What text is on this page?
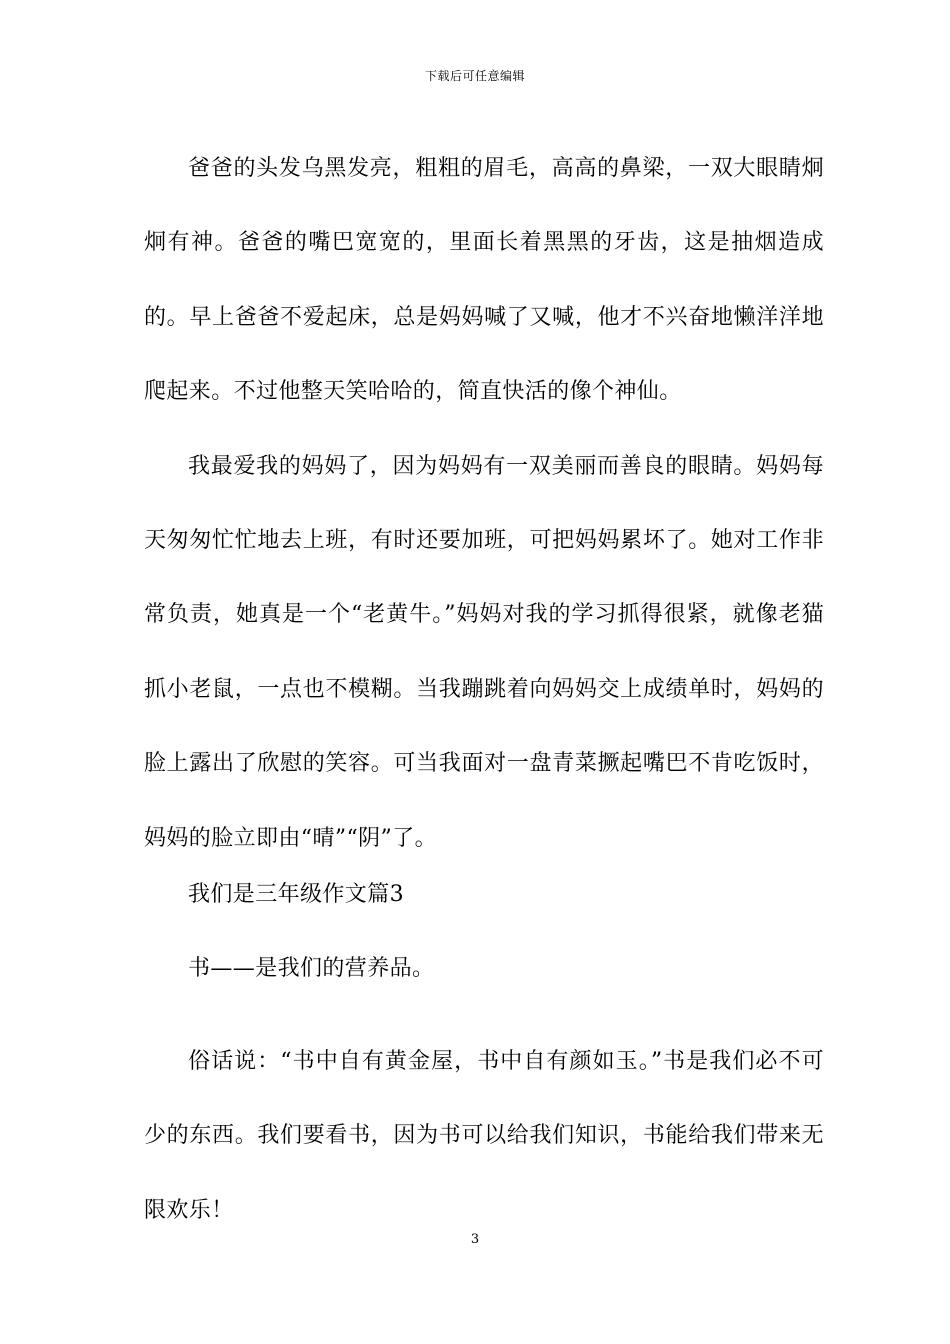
下载后可任意编辑

爸爸的头发乌黑发亮，粗粗的眉毛，高高的鼻梁，一双大眼睛炯炯有神。爸爸的嘴巴宽宽的，里面长着黑黑的牙齿，这是抽烟造成的。早上爸爸不爱起床，总是妈妈喊了又喊，他才不兴奋地懒洋洋地爬起来。不过他整天笑哈哈的，简直快活的像个神仙。

我最爱我的妈妈了，因为妈妈有一双美丽而善良的眼睛。妈妈每天匆匆忙忙地去上班，有时还要加班，可把妈妈累坏了。她对工作非常负责，她真是一个“老黄牛。”妈妈对我的学习抓得很紧，就像老猫抓小老鼠，一点也不模糊。当我蹦跳着向妈妈交上成绩单时，妈妈的脸上露出了欣慰的笑容。可当我面对一盘青菜撅起嘴巴不肯吃饭时，妈妈的脸立即由“晴”“阴”了。

我们是三年级作文篇3

书——是我们的营养品。

俗话说：“书中自有黄金屋，书中自有颜如玉。”书是我们必不可少的东西。我们要看书，因为书可以给我们知识，书能给我们带来无限欢乐！

3
